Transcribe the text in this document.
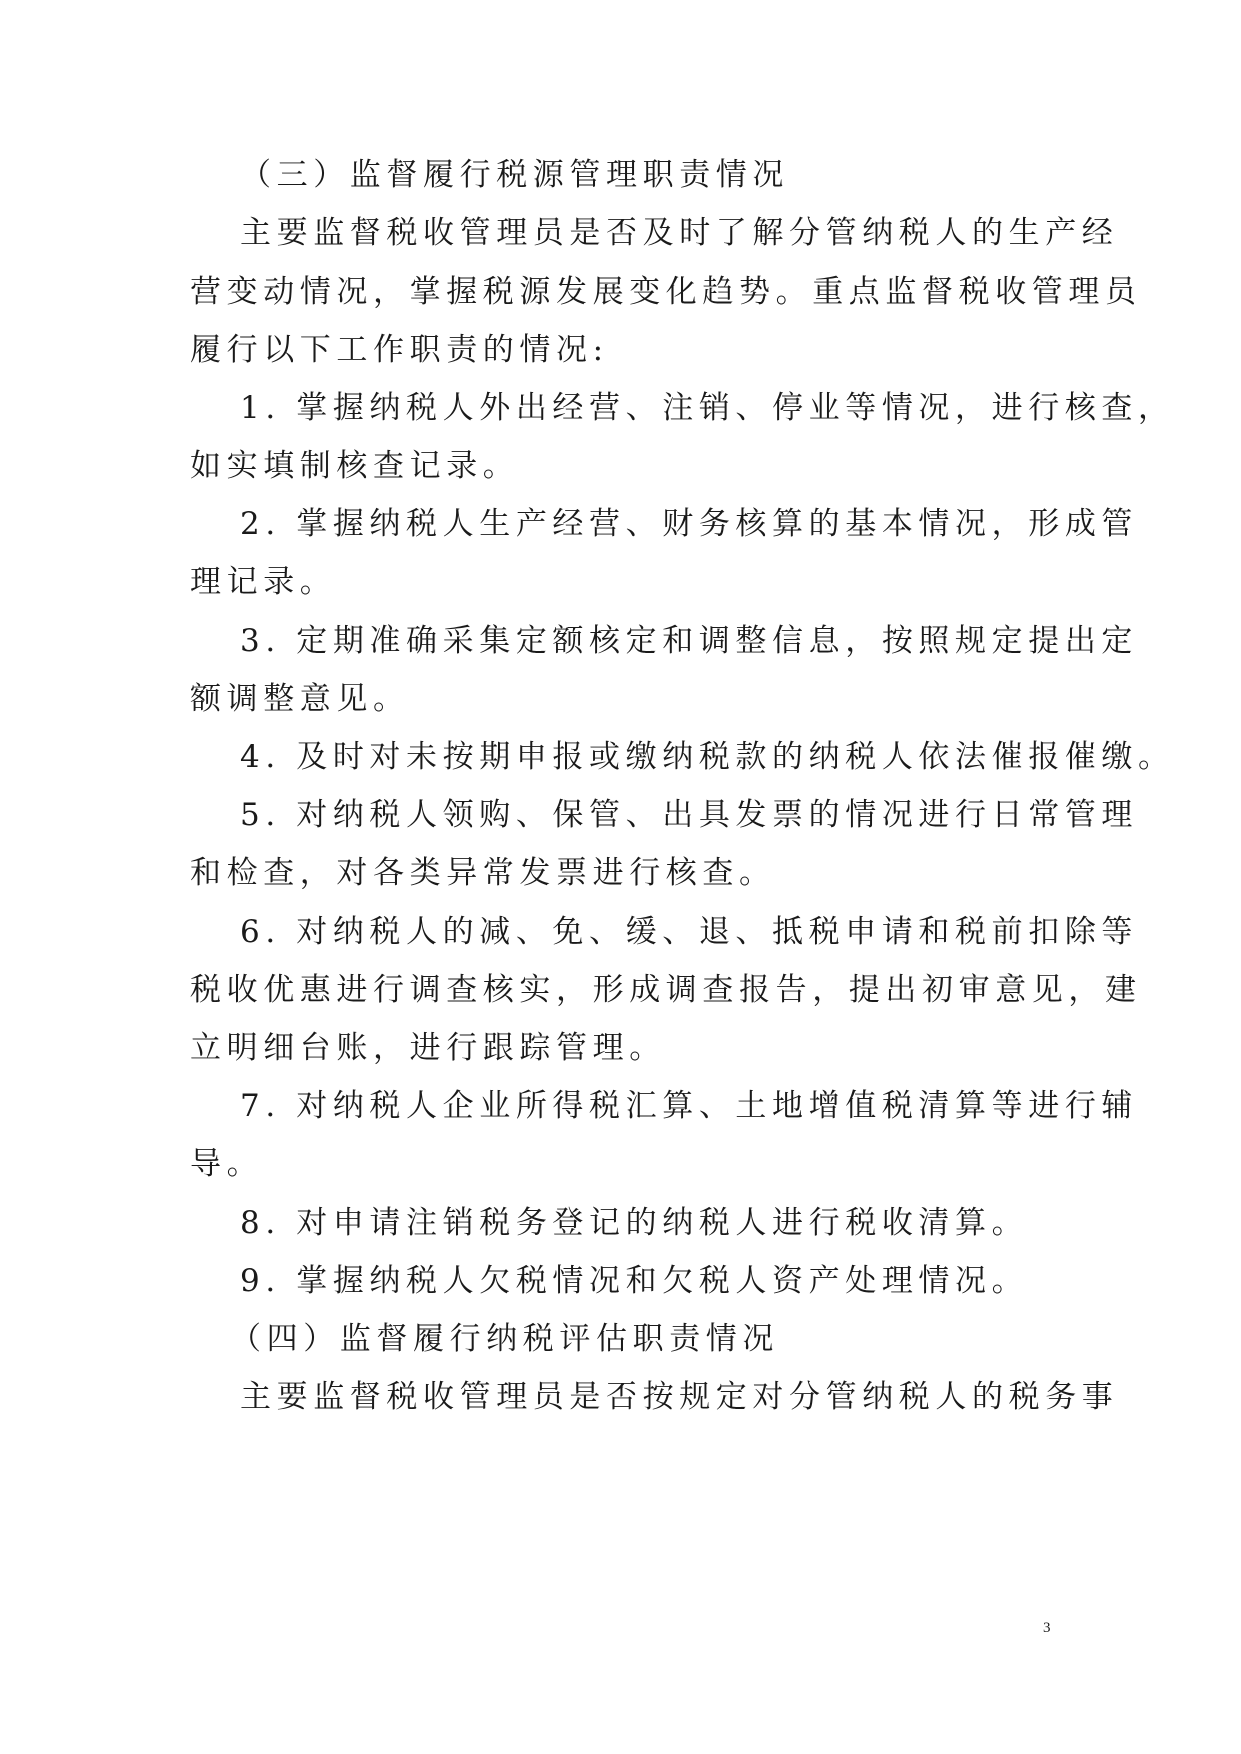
（三）监督履行税源管理职责情况
主要监督税收管理员是否及时了解分管纳税人的生产经
营变动情况，掌握税源发展变化趋势。重点监督税收管理员
履行以下工作职责的情况:
1. 掌握纳税人外出经营、注销、停业等情况，进行核查，
如实填制核查记录。
2. 掌握纳税人生产经营、财务核算的基本情况，形成管
理记录。
3. 定期准确采集定额核定和调整信息，按照规定提出定
额调整意见。
4. 及时对未按期申报或缴纳税款的纳税人依法催报催缴。
5. 对纳税人领购、保管、出具发票的情况进行日常管理
和检查，对各类异常发票进行核查。
6. 对纳税人的减、免、缓、退、抵税申请和税前扣除等
税收优惠进行调查核实，形成调查报告，提出初审意见，建
立明细台账，进行跟踪管理。
7. 对纳税人企业所得税汇算、土地增值税清算等进行辅
导。
8. 对申请注销税务登记的纳税人进行税收清算。
9. 掌握纳税人欠税情况和欠税人资产处理情况。
（四）监督履行纳税评估职责情况
主要监督税收管理员是否按规定对分管纳税人的税务事
3
